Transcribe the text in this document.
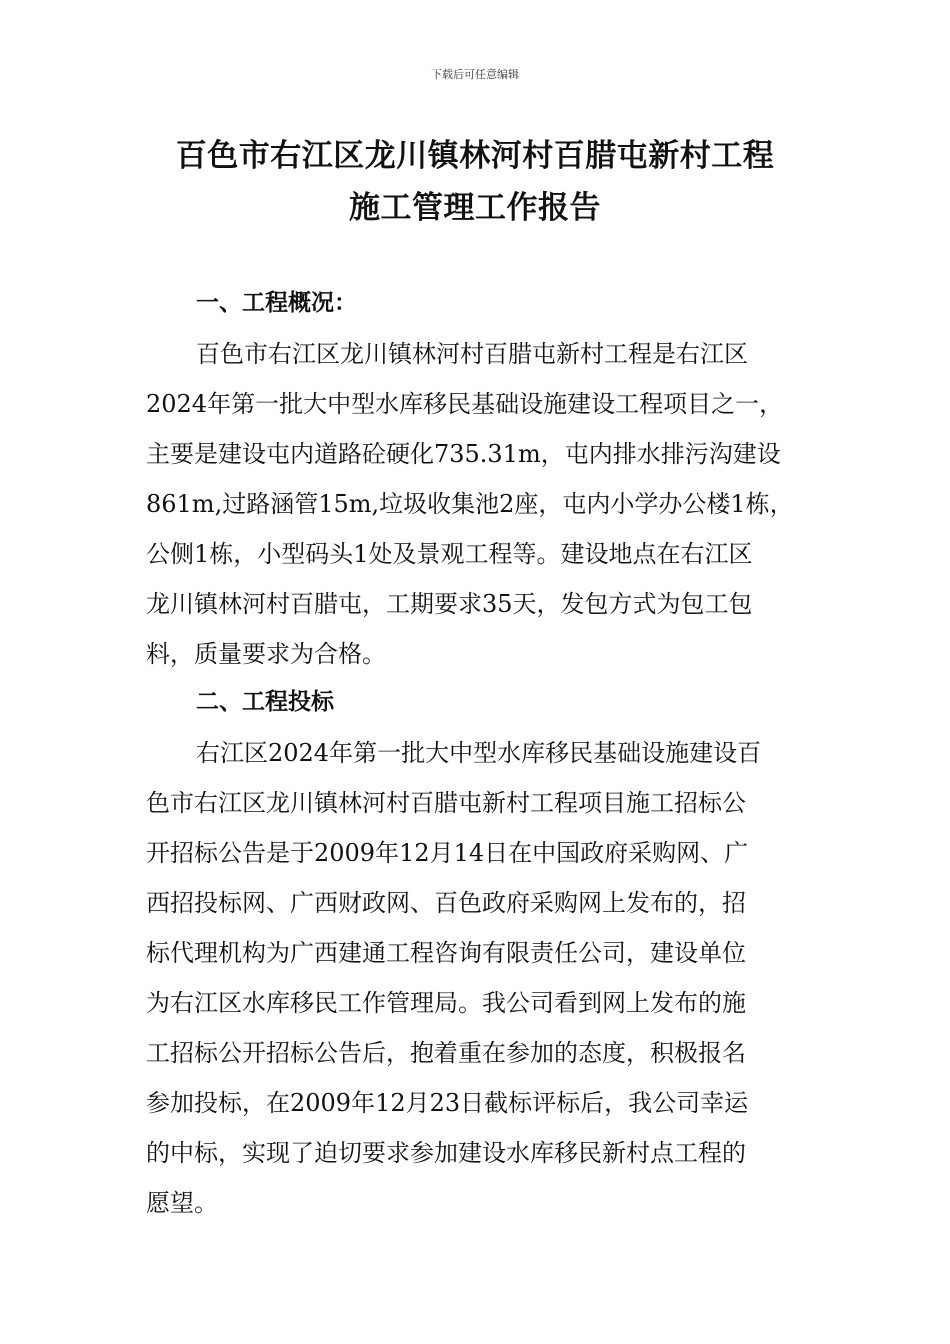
下载后可任意编辑
百色市右江区龙川镇林河村百腊屯新村工程
施工管理工作报告
一、工程概况：

百色市右江区龙川镇林河村百腊屯新村工程是右江区

2024年第一批大中型水库移民基础设施建设工程项目之一，

主要是建设屯内道路砼硬化735.31m，屯内排水排污沟建设

861m,过路涵管15m,垃圾收集池2座，屯内小学办公楼1栋，

公侧1栋，小型码头1处及景观工程等。建设地点在右江区

龙川镇林河村百腊屯，工期要求35天，发包方式为包工包

料，质量要求为合格。

二、工程投标

右江区2024年第一批大中型水库移民基础设施建设百

色市右江区龙川镇林河村百腊屯新村工程项目施工招标公

开招标公告是于2009年12月14日在中国政府采购网、广

西招投标网、广西财政网、百色政府采购网上发布的，招

标代理机构为广西建通工程咨询有限责任公司，建设单位

为右江区水库移民工作管理局。我公司看到网上发布的施

工招标公开招标公告后，抱着重在参加的态度，积极报名

参加投标，在2009年12月23日截标评标后，我公司幸运

的中标，实现了迫切要求参加建设水库移民新村点工程的

愿望。
